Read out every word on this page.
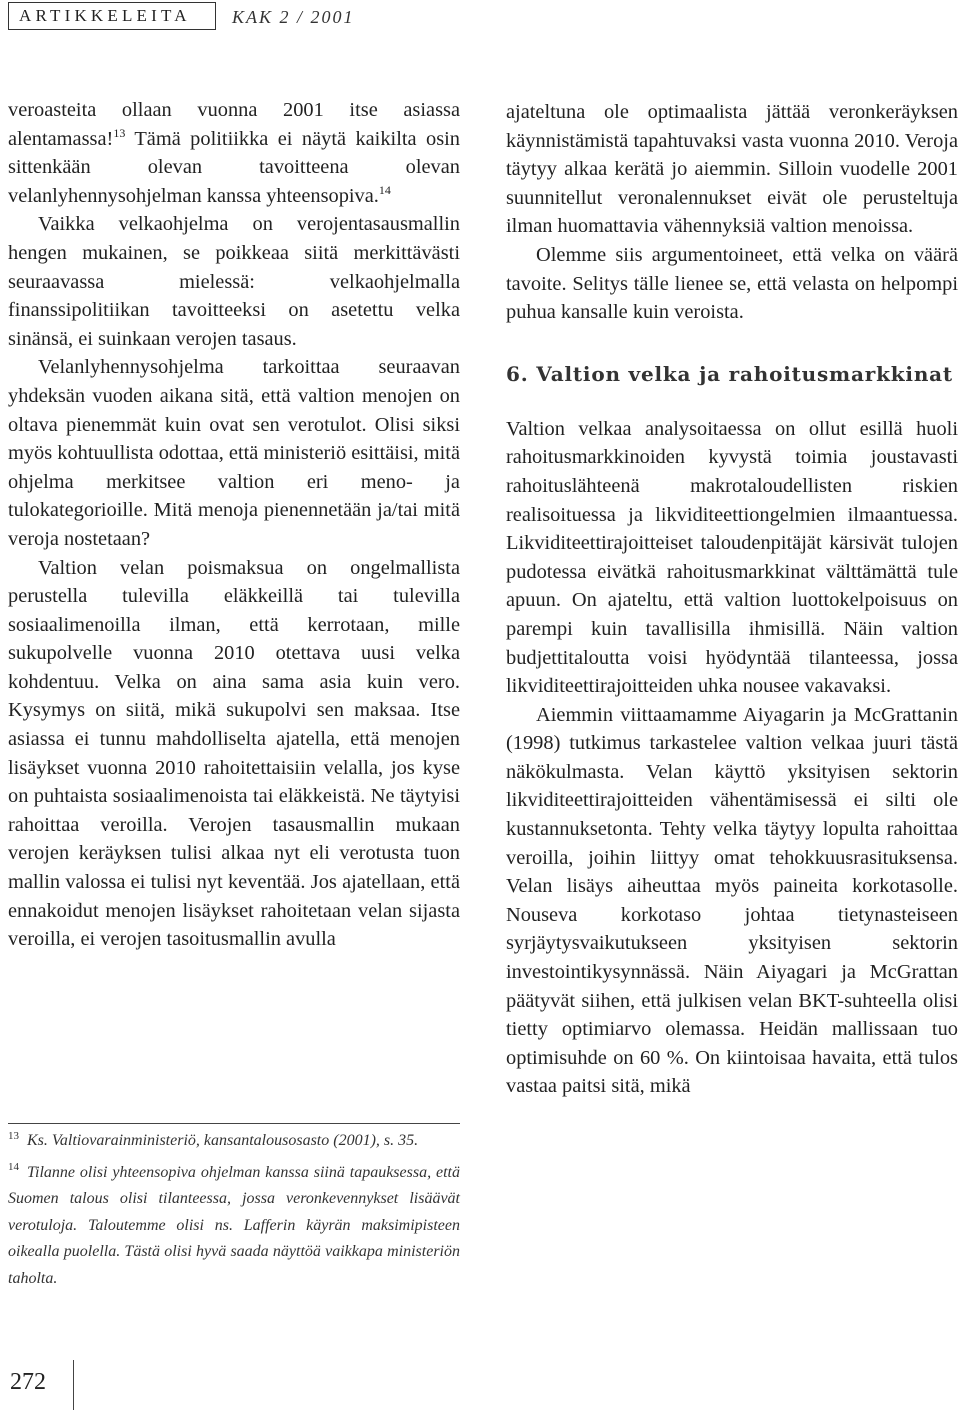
ARTIKKELEITA	KAK 2 / 2001

veroasteita ollaan vuonna 2001 itse asiassa alentamassa!$^{13}$ Tämä politiikka ei näytä kaikilta osin sittenkään olevan tavoitteena olevan velanlyhennysohjelman kanssa yhteensopiva.$^{14}$

Vaikka velkaohjelma on verojentasausmallin hengen mukainen, se poikkeaa siitä merkittävästi seuraavassa mielessä: velkaohjelmalla finanssipolitiikan tavoitteeksi on asetettu velka sinänsä, ei suinkaan verojen tasaus.

Velanlyhennysohjelma tarkoittaa seuraavan yhdeksän vuoden aikana sitä, että valtion menojen on oltava pienemmät kuin ovat sen verotulot. Olisi siksi myös kohtuullista odottaa, että ministeriö esittäisi, mitä ohjelma merkitsee valtion eri meno- ja tulokategorioille. Mitä menoja pienennetään ja/tai mitä veroja nostetaan?

Valtion velan poismaksua on ongelmallista perustella tulevilla eläkkeillä tai tulevilla sosiaalimenoilla ilman, että kerrotaan, mille sukupolvelle vuonna 2010 otettava uusi velka kohdentuu. Velka on aina sama asia kuin vero. Kysymys on siitä, mikä sukupolvi sen maksaa. Itse asiassa ei tunnu mahdolliselta ajatella, että menojen lisäykset vuonna 2010 rahoitettaisiin velalla, jos kyse on puhtaista sosiaalimenoista tai eläkkeistä. Ne täytyisi rahoittaa veroilla. Verojen tasausmallin mukaan verojen keräyksen tulisi alkaa nyt eli verotusta tuon mallin valossa ei tulisi nyt keventää. Jos ajatellaan, että ennakoidut menojen lisäykset rahoitetaan velan sijasta veroilla, ei verojen tasoitusmallin avulla

$^{13}$ Ks. Valtiovarainministeriö, kansantalousosasto (2001), s. 35.

$^{14}$ Tilanne olisi yhteensopiva ohjelman kanssa siinä tapauksessa, että Suomen talous olisi tilanteessa, jossa veronkevennykset lisäävät verotuloja. Taloutemme olisi ns. Lafferin käyrän maksimipisteen oikealla puolella. Tästä olisi hyvä saada näyttöä vaikkapa ministeriön taholta.

ajateltuna ole optimaalista jättää veronkeräyksen käynnistämistä tapahtuvaksi vasta vuonna 2010. Veroja täytyy alkaa kerätä jo aiemmin. Silloin vuodelle 2001 suunnitellut veronalennukset eivät ole perusteltuja ilman huomattavia vähennyksiä valtion menoissa.

Olemme siis argumentoineet, että velka on väärä tavoite. Selitys tälle lienee se, että velasta on helpompi puhua kansalle kuin veroista.

6. Valtion velka ja rahoitusmarkkinat

Valtion velkaa analysoitaessa on ollut esillä huoli rahoitusmarkkinoiden kyvystä toimia joustavasti rahoituslähteenä makrotaloudellisten riskien realisoituessa ja likviditeettiongelmien ilmaantuessa. Likviditeettirajoitteiset taloudenpitäjät kärsivät tulojen pudotessa eivätkä rahoitusmarkkinat välttämättä tule apuun. On ajateltu, että valtion luottokelpoisuus on parempi kuin tavallisilla ihmisillä. Näin valtion budjettitaloutta voisi hyödyntää tilanteessa, jossa likviditeettirajoitteiden uhka nousee vakavaksi.

Aiemmin viittaamamme Aiyagarin ja McGrattanin (1998) tutkimus tarkastelee valtion velkaa juuri tästä näkökulmasta. Velan käyttö yksityisen sektorin likviditeettirajoitteiden vähentämisessä ei silti ole kustannuksetonta. Tehty velka täytyy lopulta rahoittaa veroilla, joihin liittyy omat tehokkuusrasituksensa. Velan lisäys aiheuttaa myös paineita korkotasolle. Nouseva korkotaso johtaa tietynasteiseen syrjäytysvaikutukseen yksityisen sektorin investointikysynnässä. Näin Aiyagari ja McGrattan päätyvät siihen, että julkisen velan BKT-suhteella olisi tietty optimiarvo olemassa. Heidän mallissaan tuo optimisuhde on 60 %. On kiintoisaa havaita, että tulos vastaa paitsi sitä, mikä

272
